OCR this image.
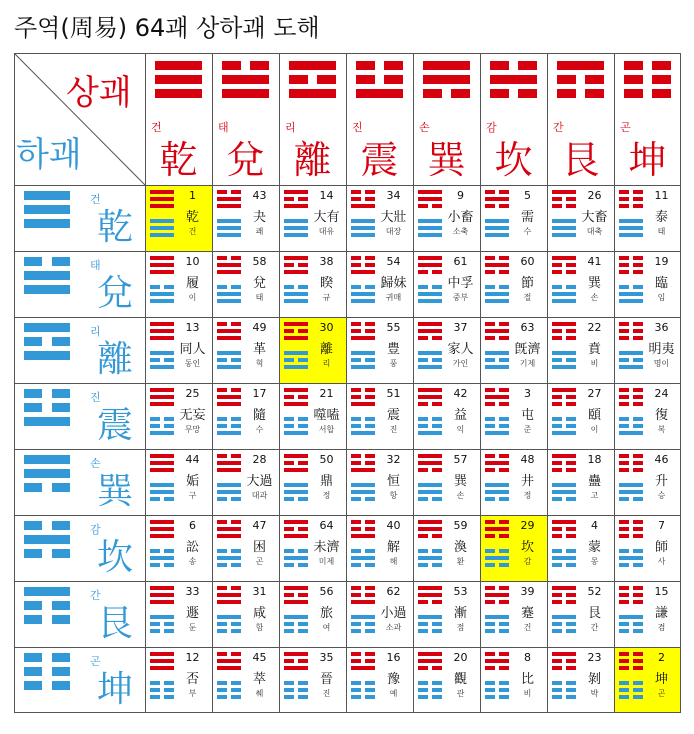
주역(周易) 64괘 상하괘 도해
상괘
하괘
건
乾
태
兌
리
離
진
震
손
巽
감
坎
간
艮
곤
坤
건
乾
태
兌
리
離
진
震
손
巽
감
坎
간
艮
곤
坤
1
乾
건
43
夬
쾌
14
大有
대유
34
大壯
대장
9
小畜
소축
5
需
수
26
大畜
대축
11
泰
태
10
履
이
58
兌
태
38
睽
규
54
歸妹
귀매
61
中孚
중부
60
節
절
41
巽
손
19
臨
임
13
同人
동인
49
革
혁
30
離
리
55
豊
풍
37
家人
가인
63
旣濟
기제
22
賁
비
36
明夷
명이
25
无妄
무망
17
隨
수
21
噬嗑
서합
51
震
진
42
益
익
3
屯
준
27
頤
이
24
復
복
44
姤
구
28
大過
대과
50
鼎
정
32
恒
항
57
巽
손
48
井
정
18
蠱
고
46
升
승
6
訟
송
47
困
곤
64
未濟
미제
40
解
해
59
渙
환
29
坎
감
4
蒙
몽
7
師
사
33
遯
둔
31
咸
함
56
旅
여
62
小過
소과
53
漸
점
39
蹇
건
52
艮
간
15
謙
겸
12
否
부
45
萃
췌
35
晉
진
16
豫
예
20
觀
관
8
比
비
23
剝
박
2
坤
곤
